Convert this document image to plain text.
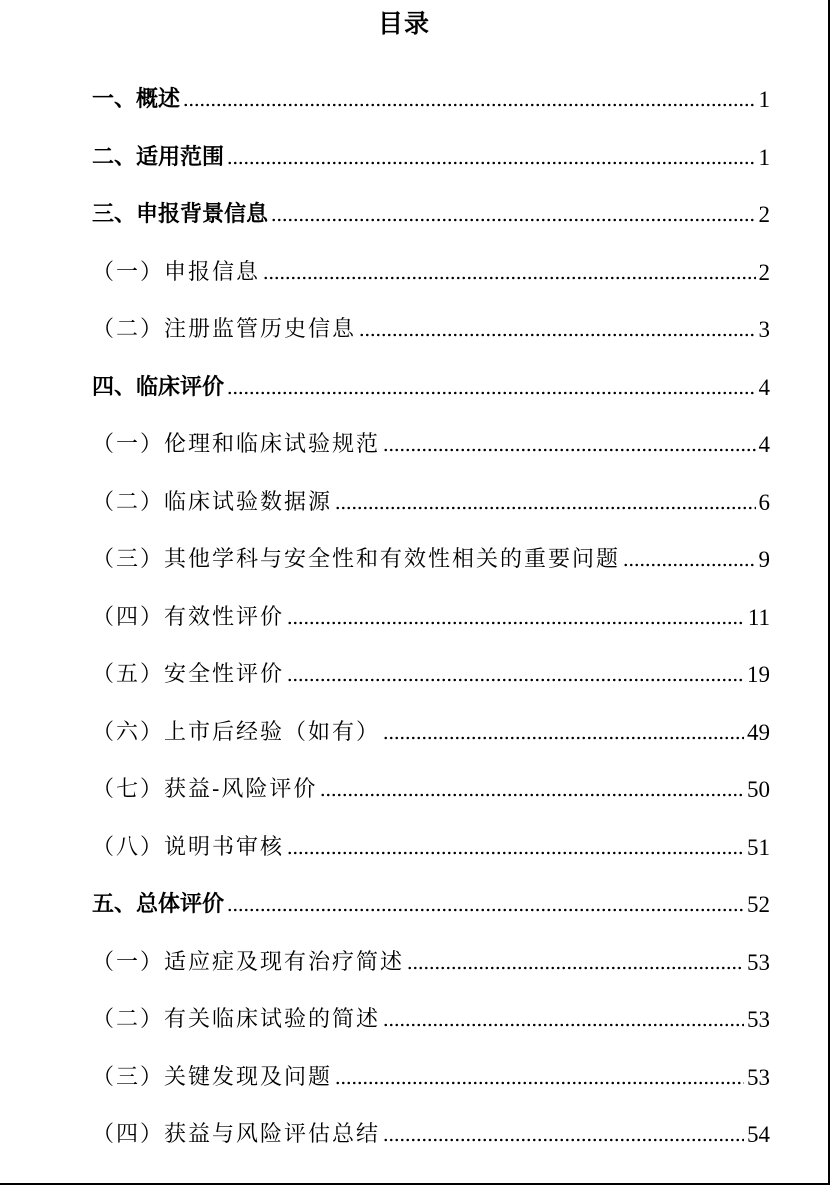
目录
一、概述	1
二、适用范围	1
三、申报背景信息	2
（一）申报信息	2
（二）注册监管历史信息	3
四、临床评价	4
（一）伦理和临床试验规范	4
（二）临床试验数据源	6
（三）其他学科与安全性和有效性相关的重要问题	9
（四）有效性评价	11
（五）安全性评价	19
（六）上市后经验（如有）	49
（七）获益-风险评价	50
（八）说明书审核	51
五、总体评价	52
（一）适应症及现有治疗简述	53
（二）有关临床试验的简述	53
（三）关键发现及问题	53
（四）获益与风险评估总结	54
